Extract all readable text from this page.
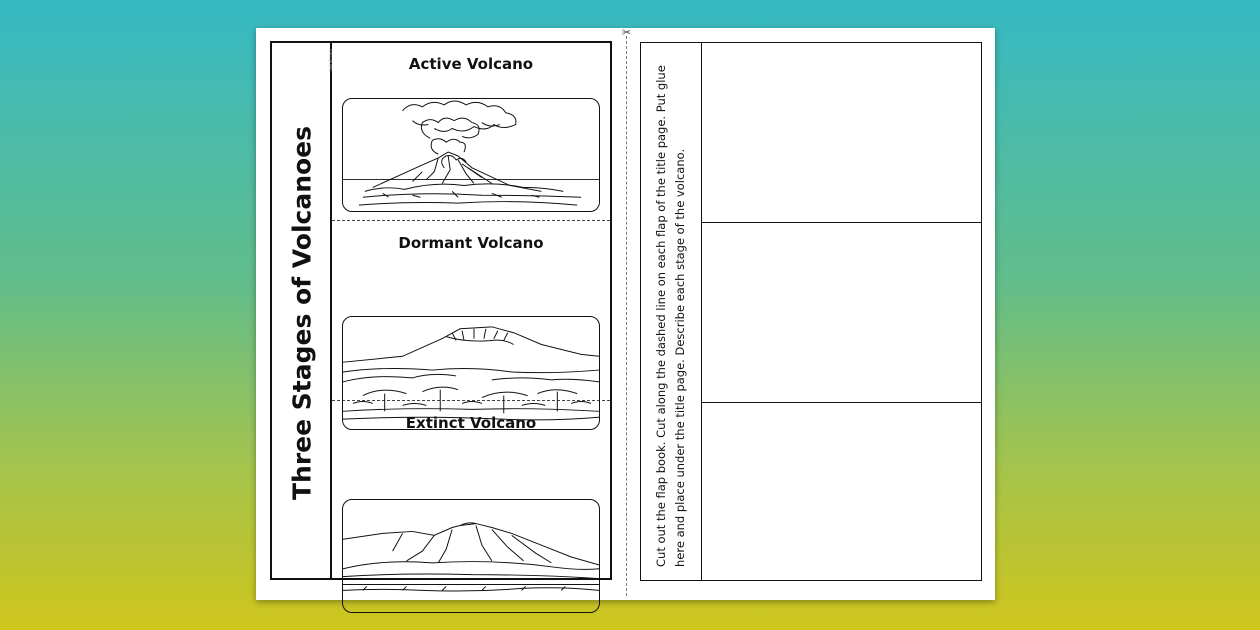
✂
Three Stages of Volcanoes
twinkl.com	Active Volcano
Dormant Volcano
Extinct Volcano	Cut out the flap book. Cut along the dashed line on each flap of the title page. Put glue here and place under the title page. Describe each stage of the volcano.
